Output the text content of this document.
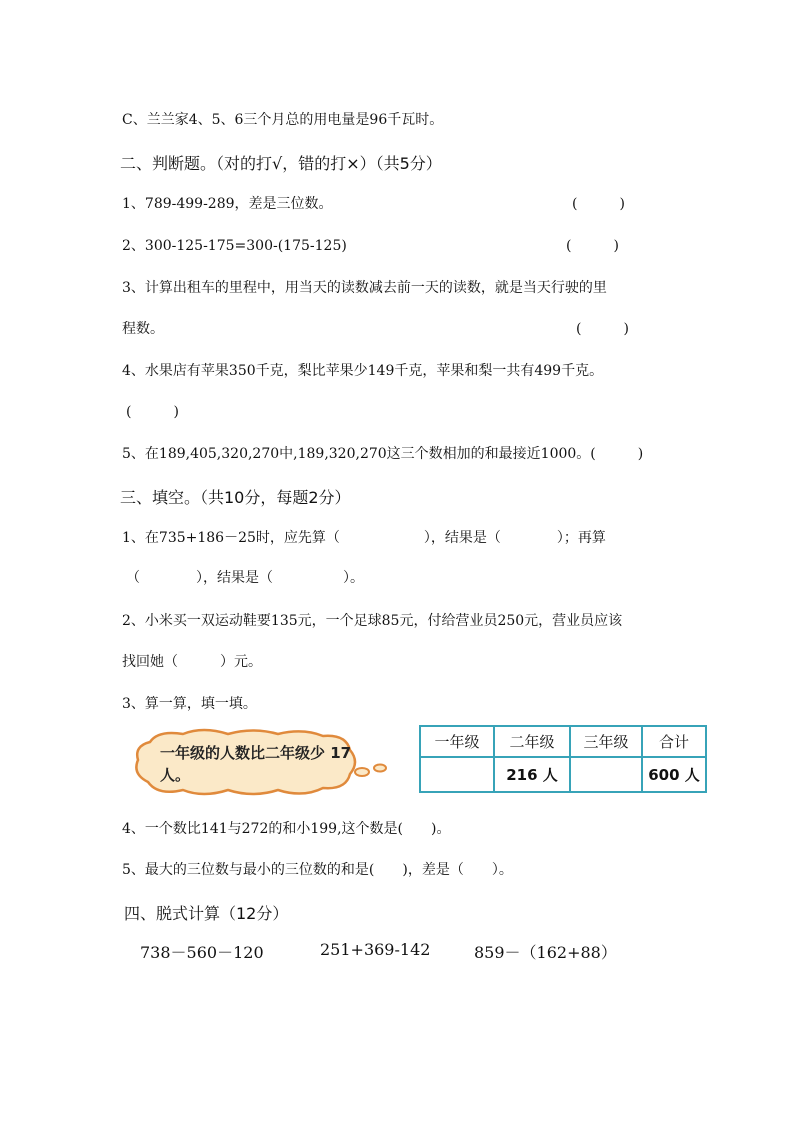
C、兰兰家4、5、6三个月总的用电量是96千瓦时。
二、判断题。（对的打√，错的打×）（共5分）
1、789-499-289，差是三位数。	(　　　)
2、300-125-175=300-(175-125)	(　　　)
3、计算出租车的里程中，用当天的读数减去前一天的读数，就是当天行驶的里
程数。	(　　　)
4、水果店有苹果350千克，梨比苹果少149千克，苹果和梨一共有499千克。
(　　　)
5、在189,405,320,270中,189,320,270这三个数相加的和最接近1000。(　　　)
三、填空。（共10分，每题2分）
1、在735+186－25时，应先算（　　　　　　），结果是（　　　　）；再算
（　　　　），结果是（　　　　　）。
2、小米买一双运动鞋要135元，一个足球85元，付给营业员250元，营业员应该
找回她（　　　）元。
3、算一算，填一填。
一年级的人数比二年级少 17 人。
一年级	二年级	三年级	合计
	216 人		600 人
4、一个数比141与272的和小199,这个数是(　　)。
5、最大的三位数与最小的三位数的和是(　　)，差是（　　）。
四、脱式计算（12分）
738－560－120	251+369-142	859－（162+88）
